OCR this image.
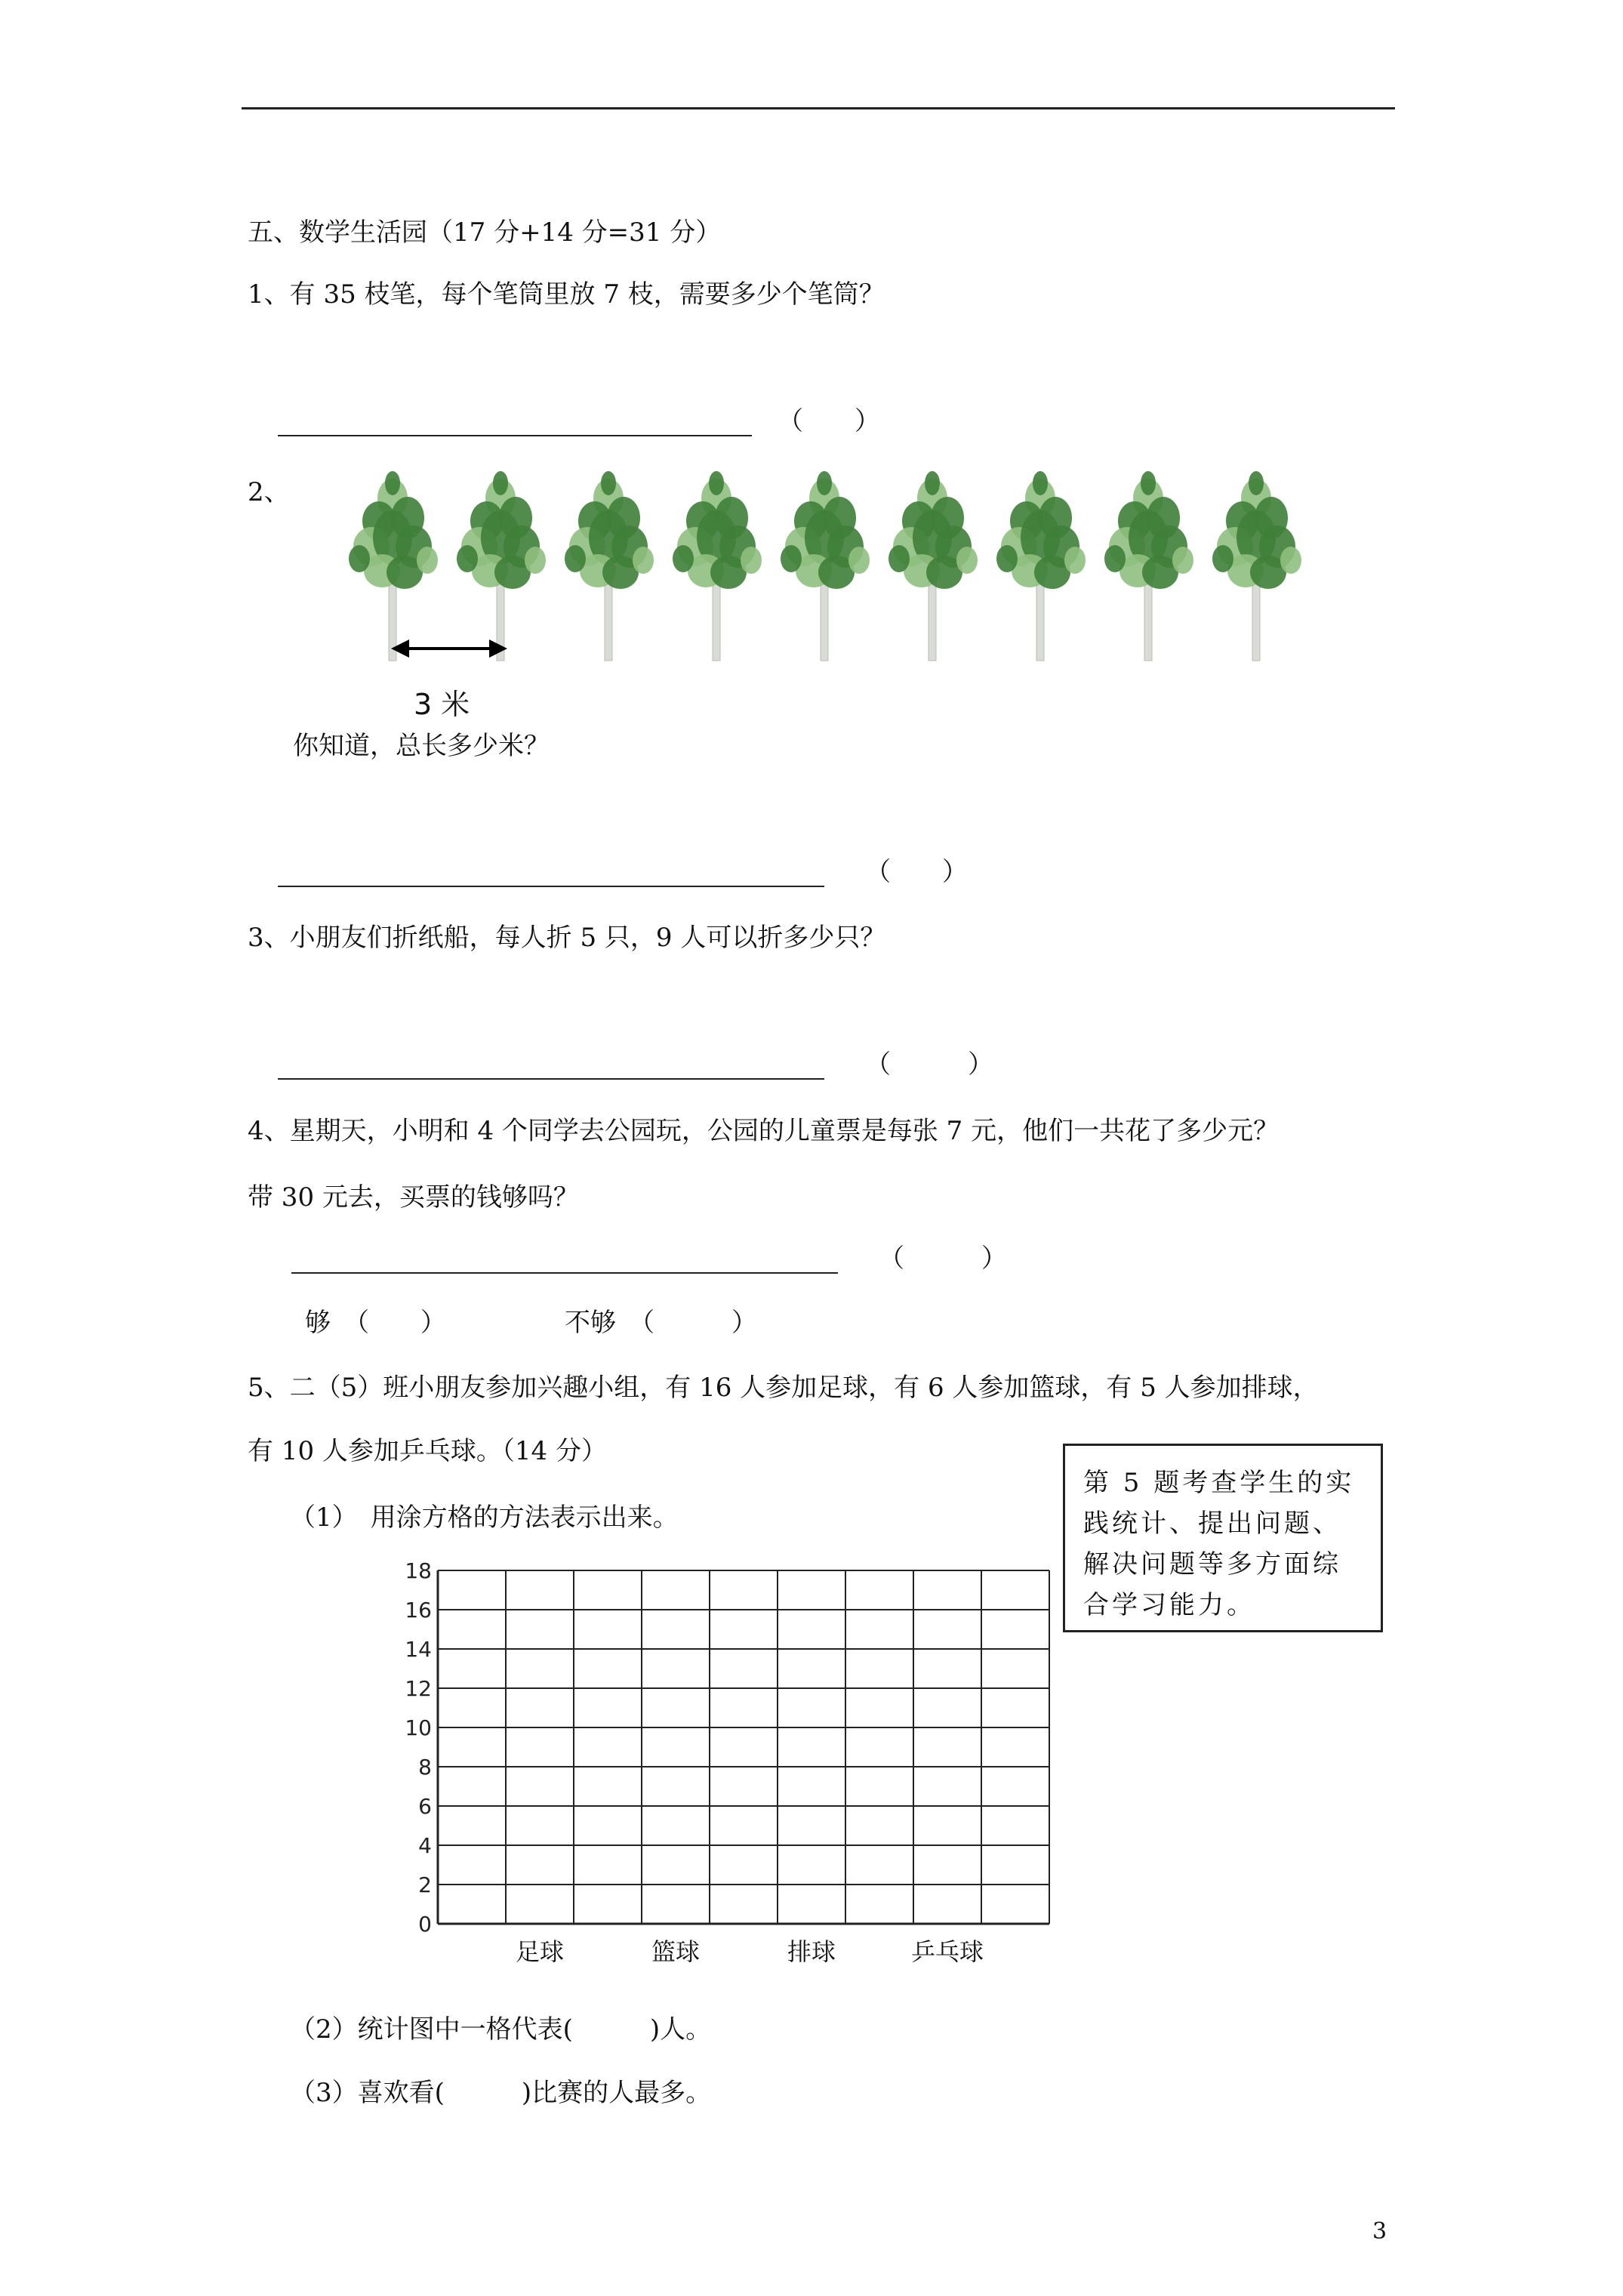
五、数学生活园（17 分+14 分=31 分）
1、有 35 枝笔，每个笔筒里放 7 枝，需要多少个笔筒？
（　　）
2、
3 米
你知道，总长多少米？
（　　）
3、小朋友们折纸船，每人折 5 只，9 人可以折多少只？
（　　　）
4、星期天，小明和 4 个同学去公园玩，公园的儿童票是每张 7 元，他们一共花了多少元？
带 30 元去，买票的钱够吗？
（　　　）
够　（　　）	不够　（　　　）
5、二（5）班小朋友参加兴趣小组，有 16 人参加足球，有 6 人参加篮球，有 5 人参加排球，
有 10 人参加乒乓球。（14 分）
第 5 题考查学生的实践统计、提出问题、解决问题等多方面综合学习能力。
（1）　用涂方格的方法表示出来。
0
2
4
6
8
10
12
14
16
18
足球	篮球	排球	乒乓球
（2）统计图中一格代表(　　　)人。
（3）喜欢看(　　　)比赛的人最多。
3
